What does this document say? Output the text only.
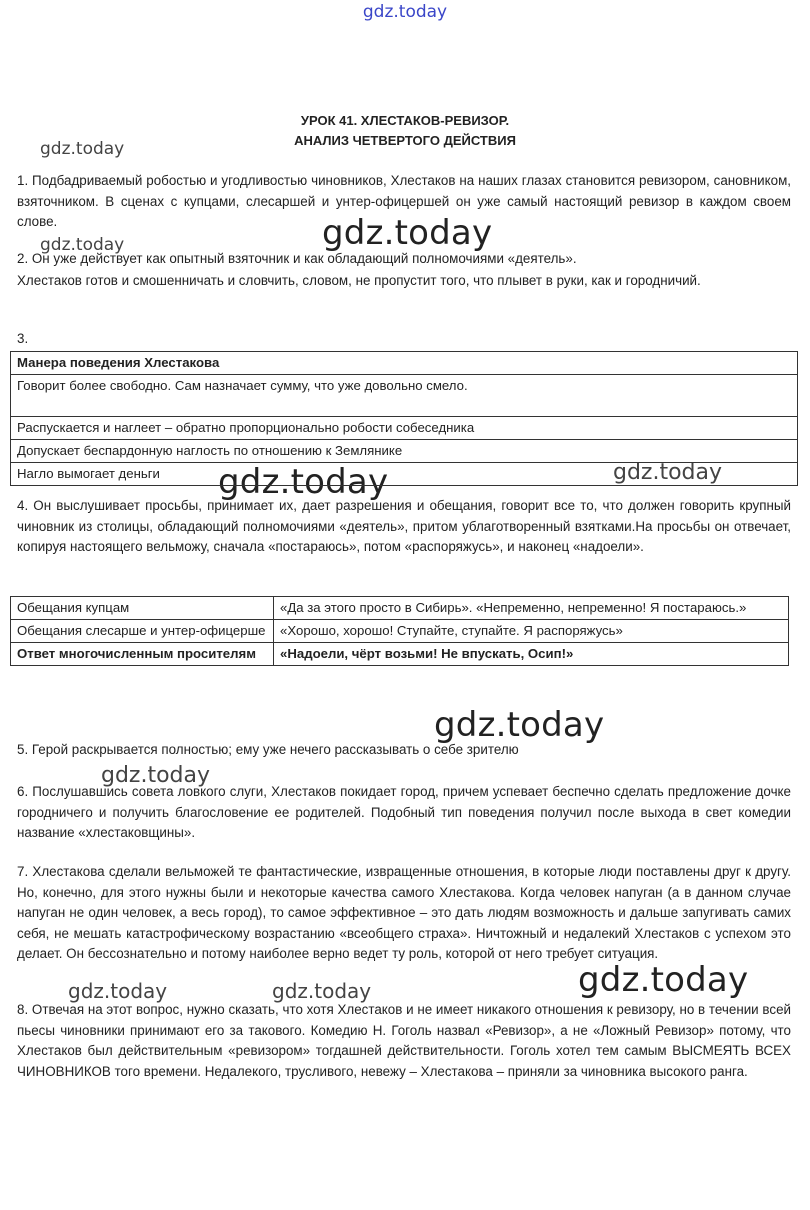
gdz.today
gdz.today
gdz.today
gdz.today
gdz.today	gdz.today
gdz.today
gdz.today
gdz.today
gdz.today	gdz.today
УРОК 41. ХЛЕСТАКОВ-РЕВИЗОР.
АНАЛИЗ ЧЕТВЕРТОГО ДЕЙСТВИЯ
1. Подбадриваемый робостью и угодливостью чиновников, Хлестаков на наших глазах становится ревизором, сановником, взяточником. В сценах с купцами, слесаршей и унтер-офицершей он уже самый настоящий ревизор в каждом своем слове.
2. Он уже действует как опытный взяточник и как обладающий полномочиями «деятель».
Хлестаков готов и смошенничать и словчить, словом, не пропустит того, что плывет в руки, как и городничий.
3.
Манера поведения Хлестакова
Говорит более свободно. Сам назначает сумму, что уже довольно смело.
Распускается и наглеет – обратно пропорционально робости собеседника
Допускает беспардонную наглость по отношению к Землянике
Нагло вымогает деньги
4. Он выслушивает просьбы, принимает их, дает разрешения и обещания, говорит все то, что должен говорить крупный чиновник из столицы, обладающий полномочиями «деятель», притом ублаготворенный взятками.На просьбы он отвечает, копируя настоящего вельможу, сначала «постараюсь», потом «распоряжусь», и наконец «надоели».
Обещания купцам	«Да за этого просто в Сибирь». «Непременно, непременно! Я постараюсь.»
Обещания слесарше и унтер-офицерше	«Хорошо, хорошо! Ступайте, ступайте. Я распоряжусь»
Ответ многочисленным просителям	«Надоели, чёрт возьми! Не впускать, Осип!»
5. Герой раскрывается полностью; ему уже нечего рассказывать о себе зрителю
6. Послушавшись совета ловкого слуги, Хлестаков покидает город, причем успевает беспечно сделать предложение дочке городничего и получить благословение ее родителей. Подобный тип поведения получил после выхода в свет комедии название «хлестаковщины».
7. Хлестакова сделали вельможей те фантастические, извращенные отношения, в которые люди поставлены друг к другу. Но, конечно, для этого нужны были и некоторые качества самого Хлестакова. Когда человек напуган (а в данном случае напуган не один человек, а весь город), то самое эффективное – это дать людям возможность и дальше запугивать самих себя, не мешать катастрофическому возрастанию «всеобщего страха». Ничтожный и недалекий Хлестаков с успехом это делает. Он бессознательно и потому наиболее верно ведет ту роль, которой от него требует ситуация.
8. Отвечая на этот вопрос, нужно сказать, что хотя Хлестаков и не имеет никакого отношения к ревизору, но в течении всей пьесы чиновники принимают его за такового. Комедию Н. Гоголь назвал «Ревизор», а не «Ложный Ревизор» потому, что Хлестаков был действительным «ревизором» тогдашней действительности. Гоголь хотел тем самым ВЫСМЕЯТЬ ВСЕХ ЧИНОВНИКОВ того времени. Недалекого, трусливого, невежу – Хлестакова – приняли за чиновника высокого ранга.
